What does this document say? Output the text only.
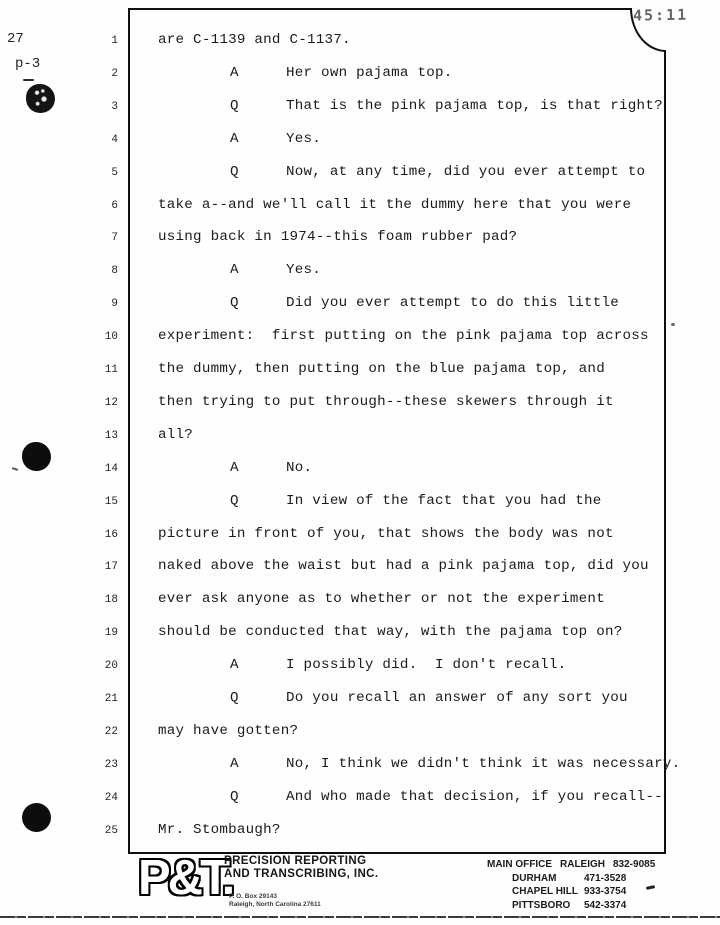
27
p-3
45:11
1	are C-1139 and C-1137.
2	A	Her own pajama top.
3	Q	That is the pink pajama top, is that right?
4	A	Yes.
5	Q	Now, at any time, did you ever attempt to
6	take a--and we'll call it the dummy here that you were
7	using back in 1974--this foam rubber pad?
8	A	Yes.
9	Q	Did you ever attempt to do this little
10	experiment:  first putting on the pink pajama top across
11	the dummy, then putting on the blue pajama top, and
12	then trying to put through--these skewers through it
13	all?
14	A	No.
15	Q	In view of the fact that you had the
16	picture in front of you, that shows the body was not
17	naked above the waist but had a pink pajama top, did you
18	ever ask anyone as to whether or not the experiment
19	should be conducted that way, with the pajama top on?
20	A	I possibly did.  I don't recall.
21	Q	Do you recall an answer of any sort you
22	may have gotten?
23	A	No, I think we didn't think it was necessary.
24	Q	And who made that decision, if you recall--
25	Mr. Stombaugh?
P&T.
PRECISION REPORTING
AND TRANSCRIBING, INC.
P. O. Box 29143
Raleigh, North Carolina 27611
MAIN OFFICE RALEIGH 832-9085
DURHAM	471-3528
CHAPEL HILL 933-3754
PITTSBORO 542-3374
